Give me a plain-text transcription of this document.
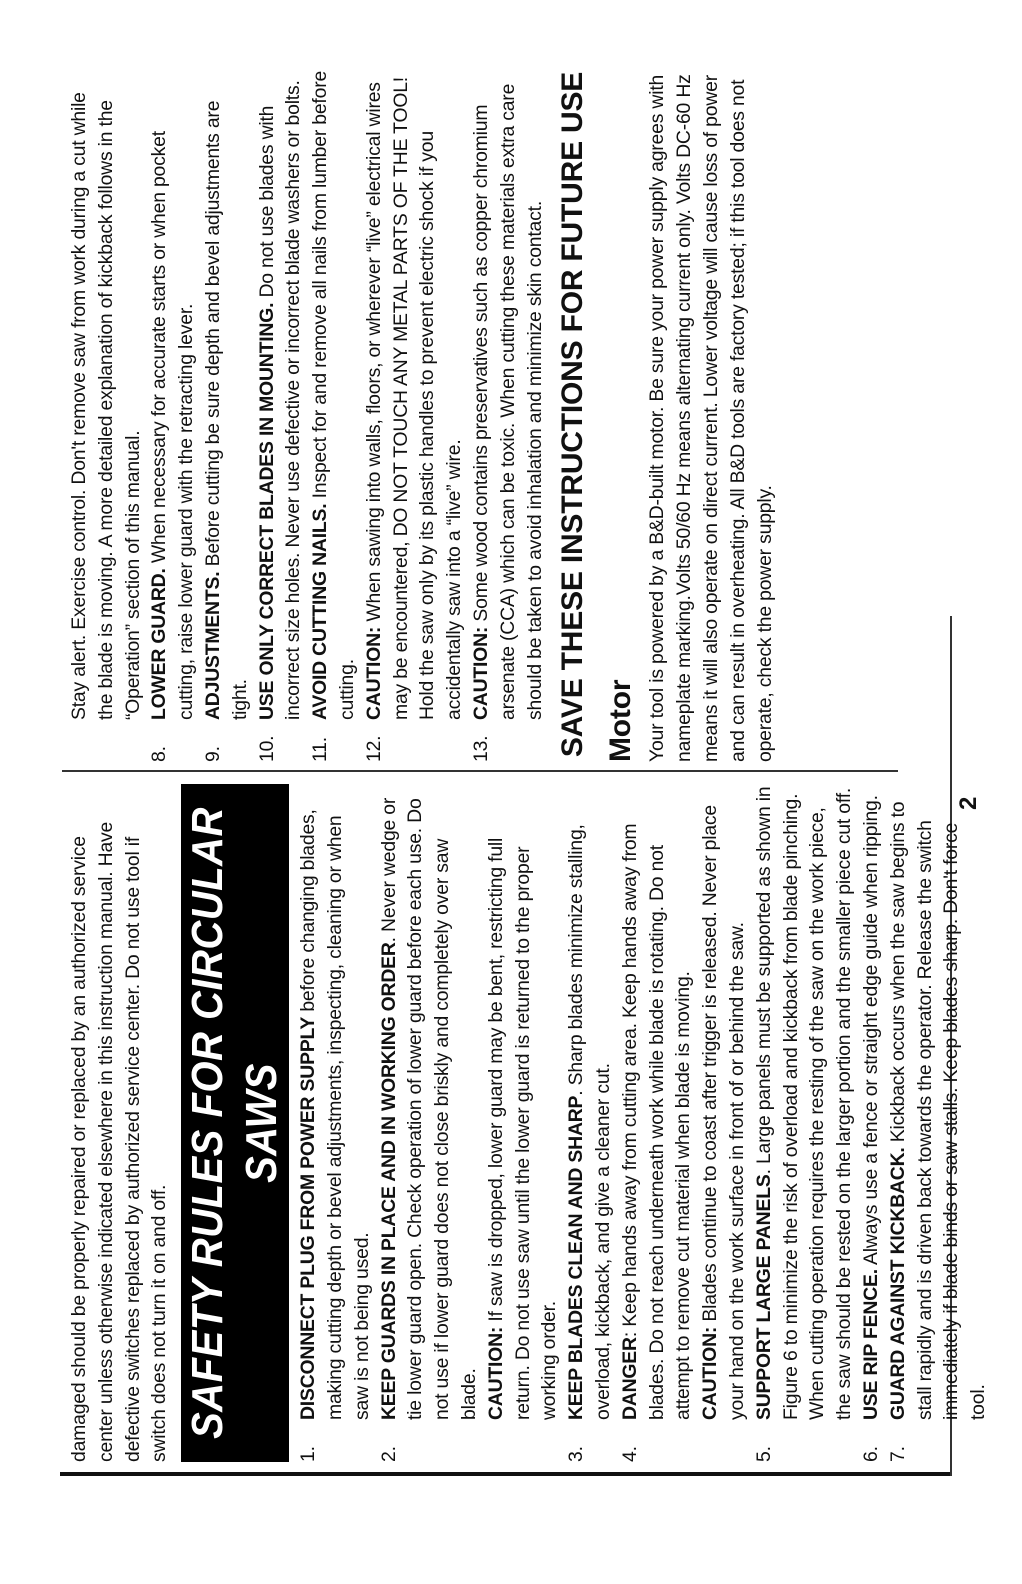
damaged should be properly repaired or replaced by an authorized service center unless otherwise indicated elsewhere in this instruction manual. Have defective switches replaced by authorized service center. Do not use tool if switch does not turn it on and off. SAFETY RULES FOR CIRCULAR SAWS
1.
DISCONNECT PLUG FROM POWER SUPPLY before changing blades, making cutting depth or bevel adjustments, inspecting, cleaning or when saw is not being used.
2.
KEEP GUARDS IN PLACE AND IN WORKING ORDER. Never wedge or tie lower guard open. Check operation of lower guard before each use. Do not use if lower guard does not close briskly and completely over saw blade. CAUTION: If saw is dropped, lower guard may be bent, restricting full return. Do not use saw until the lower guard is returned to the proper working order.
3.
KEEP BLADES CLEAN AND SHARP. Sharp blades minimize stalling, overload, kickback, and give a cleaner cut.
4.
DANGER: Keep hands away from cutting area. Keep hands away from blades. Do not reach underneath work while blade is rotating. Do not attempt to remove cut material when blade is moving. CAUTION: Blades continue to coast after trigger is released. Never place your hand on the work surface in front of or behind the saw.
5.
SUPPORT LARGE PANELS. Large panels must be supported as shown in Figure 6 to minimize the risk of overload and kickback from blade pinching. When cutting operation requires the resting of the saw on the work piece, the saw should be rested on the larger portion and the smaller piece cut off.
6.
USE RIP FENCE. Always use a fence or straight edge guide when ripping.
7.
GUARD AGAINST KICKBACK. Kickback occurs when the saw begins to stall rapidly and is driven back towards the operator. Release the switch immediately if blade binds or saw stalls. Keep blades sharp. Don't force tool.

Stay alert. Exercise control. Don't remove saw from work during a cut while the blade is moving. A more detailed explanation of kickback follows in the “Operation” section of this manual.

8.
LOWER GUARD. When necessary for accurate starts or when pocket cutting, raise lower guard with the retracting lever.
9.
ADJUSTMENTS. Before cutting be sure depth and bevel adjustments are tight.
10.
USE ONLY CORRECT BLADES IN MOUNTING. Do not use blades with incorrect size holes. Never use defective or incorrect blade washers or bolts.
11.
AVOID CUTTING NAILS. Inspect for and remove all nails from lumber before cutting.
12.
CAUTION: When sawing into walls, floors, or wherever “live” electrical wires may be encountered, DO NOT TOUCH ANY METAL PARTS OF THE TOOL! Hold the saw only by its plastic handles to prevent electric shock if you accidentally saw into a “live” wire.
13.
CAUTION: Some wood contains preservatives such as copper chromium arsenate (CCA) which can be toxic. When cutting these materials extra care should be taken to avoid inhalation and minimize skin contact. SAVE THESE INSTRUCTIONS FOR FUTURE USE Motor Your tool is powered by a B&D-built motor. Be sure your power supply agrees with nameplate marking.Volts 50/60 Hz means alternating current only. Volts DC-60 Hz means it will also operate on direct current. Lower voltage will cause loss of power and can result in overheating. All B&D tools are factory tested; if this tool does not operate, check the power supply.

2
